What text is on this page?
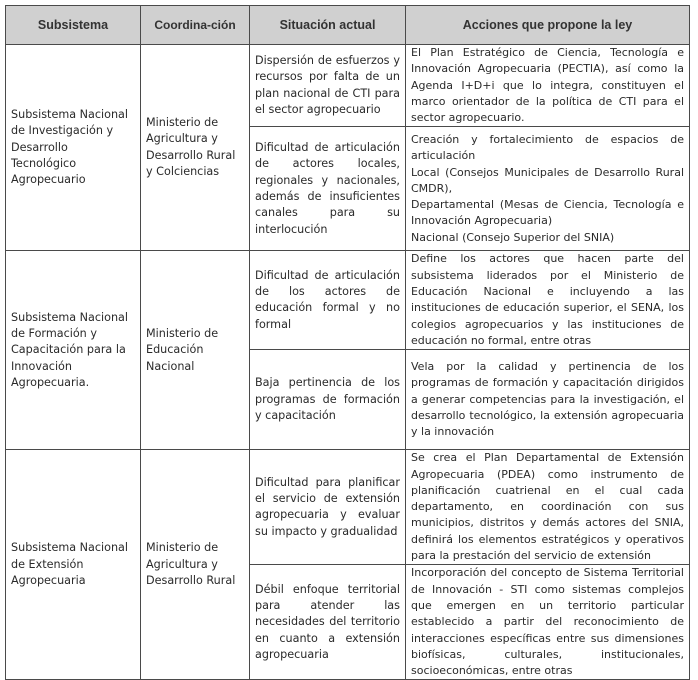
Subsistema	Coordina-ción	Situación actual	Acciones que propone la ley
Subsistema Nacional de Investigación y Desarrollo Tecnológico Agropecuario	Ministerio de Agricultura y Desarrollo Rural y Colciencias	Dispersión de esfuerzos y recursos por falta de un plan nacional de CTI para el sector agropecuario	El Plan Estratégico de Ciencia, Tecnología e Innovación Agropecuaria (PECTIA), así como la Agenda I+D+i que lo integra, constituyen el marco orientador de la política de CTI para el sector agropecuario.

		Dificultad de articulación de actores locales, regionales y nacionales, además de insuficientes canales para su interlocución	Creación y fortalecimiento de espacios de articulación
Local (Consejos Municipales de Desarrollo Rural CMDR),
Departamental (Mesas de Ciencia, Tecnología e Innovación Agropecuaria)
Nacional (Consejo Superior del SNIA)

Subsistema Nacional de Formación y Capacitación para la Innovación Agropecuaria.	Ministerio de Educación Nacional	Dificultad de articulación de los actores de educación formal y no formal	Define los actores que hacen parte del subsistema liderados por el Ministerio de Educación Nacional e incluyendo a las instituciones de educación superior, el SENA, los colegios agropecuarios y las instituciones de educación no formal, entre otras

		Baja pertinencia de los programas de formación y capacitación	Vela por la calidad y pertinencia de los programas de formación y capacitación dirigidos a generar competencias para la investigación, el desarrollo tecnológico, la extensión agropecuaria y la innovación

Subsistema Nacional de Extensión Agropecuaria	Ministerio de Agricultura y Desarrollo Rural	Dificultad para planificar el servicio de extensión agropecuaria y evaluar su impacto y gradualidad	Se crea el Plan Departamental de Extensión Agropecuaria (PDEA) como instrumento de planificación cuatrienal en el cual cada departamento, en coordinación con sus municipios, distritos y demás actores del SNIA, definirá los elementos estratégicos y operativos para la prestación del servicio de extensión

		Débil enfoque territorial para atender las necesidades del territorio en cuanto a extensión agropecuaria	Incorporación del concepto de Sistema Territorial de Innovación - STI como sistemas complejos que emergen en un territorio particular establecido a partir del reconocimiento de interacciones específicas entre sus dimensiones biofísicas, culturales, institucionales, socioeconómicas, entre otras
